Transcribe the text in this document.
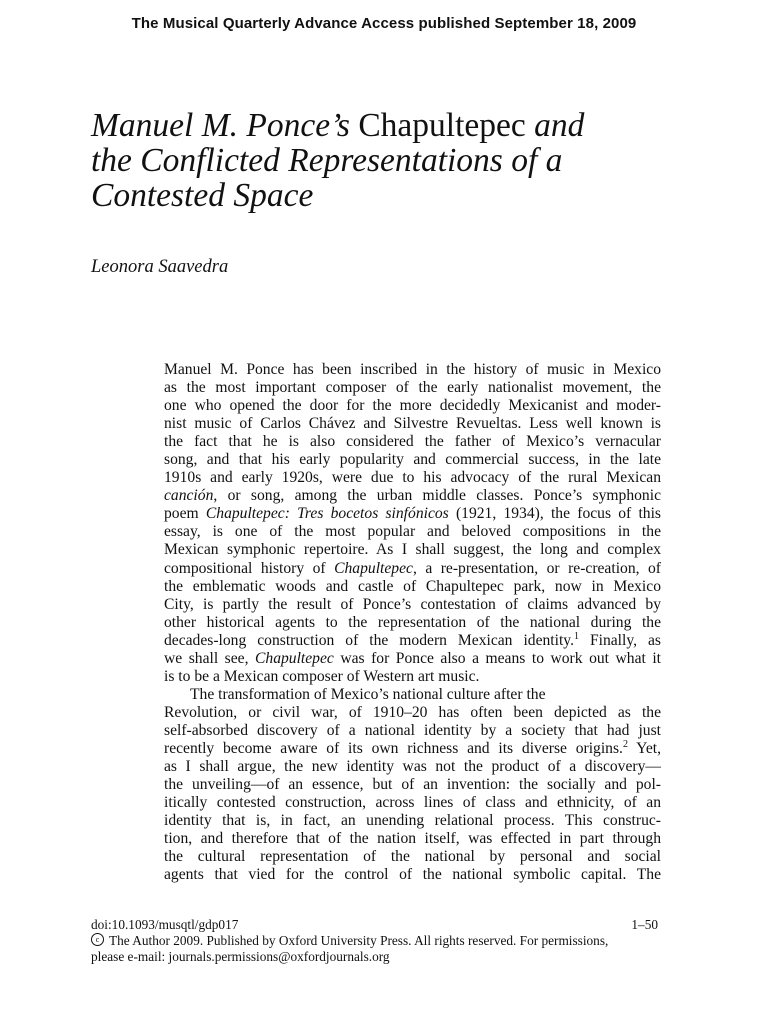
The Musical Quarterly Advance Access published September 18, 2009
Manuel M. Ponce’s Chapultepec and
the Conflicted Representations of a
Contested Space
Leonora Saavedra
Manuel M. Ponce has been inscribed in the history of music in Mexico
as the most important composer of the early nationalist movement, the
one who opened the door for the more decidedly Mexicanist and moder-
nist music of Carlos Chávez and Silvestre Revueltas. Less well known is
the fact that he is also considered the father of Mexico’s vernacular
song, and that his early popularity and commercial success, in the late
1910s and early 1920s, were due to his advocacy of the rural Mexican
canción, or song, among the urban middle classes. Ponce’s symphonic
poem Chapultepec: Tres bocetos sinfónicos (1921, 1934), the focus of this
essay, is one of the most popular and beloved compositions in the
Mexican symphonic repertoire. As I shall suggest, the long and complex
compositional history of Chapultepec, a re-presentation, or re-creation, of
the emblematic woods and castle of Chapultepec park, now in Mexico
City, is partly the result of Ponce’s contestation of claims advanced by
other historical agents to the representation of the national during the
decades-long construction of the modern Mexican identity.$^1$ Finally, as
we shall see, Chapultepec was for Ponce also a means to work out what it
is to be a Mexican composer of Western art music.
The transformation of Mexico’s national culture after the
Revolution, or civil war, of 1910–20 has often been depicted as the
self-absorbed discovery of a national identity by a society that had just
recently become aware of its own richness and its diverse origins.$^2$ Yet,
as I shall argue, the new identity was not the product of a discovery—
the unveiling—of an essence, but of an invention: the socially and pol-
itically contested construction, across lines of class and ethnicity, of an
identity that is, in fact, an unending relational process. This construc-
tion, and therefore that of the nation itself, was effected in part through
the cultural representation of the national by personal and social
agents that vied for the control of the national symbolic capital. The
doi:10.1093/musqtl/gdp017	1–50
c The Author 2009. Published by Oxford University Press. All rights reserved. For permissions,
please e-mail: journals.permissions@oxfordjournals.org
